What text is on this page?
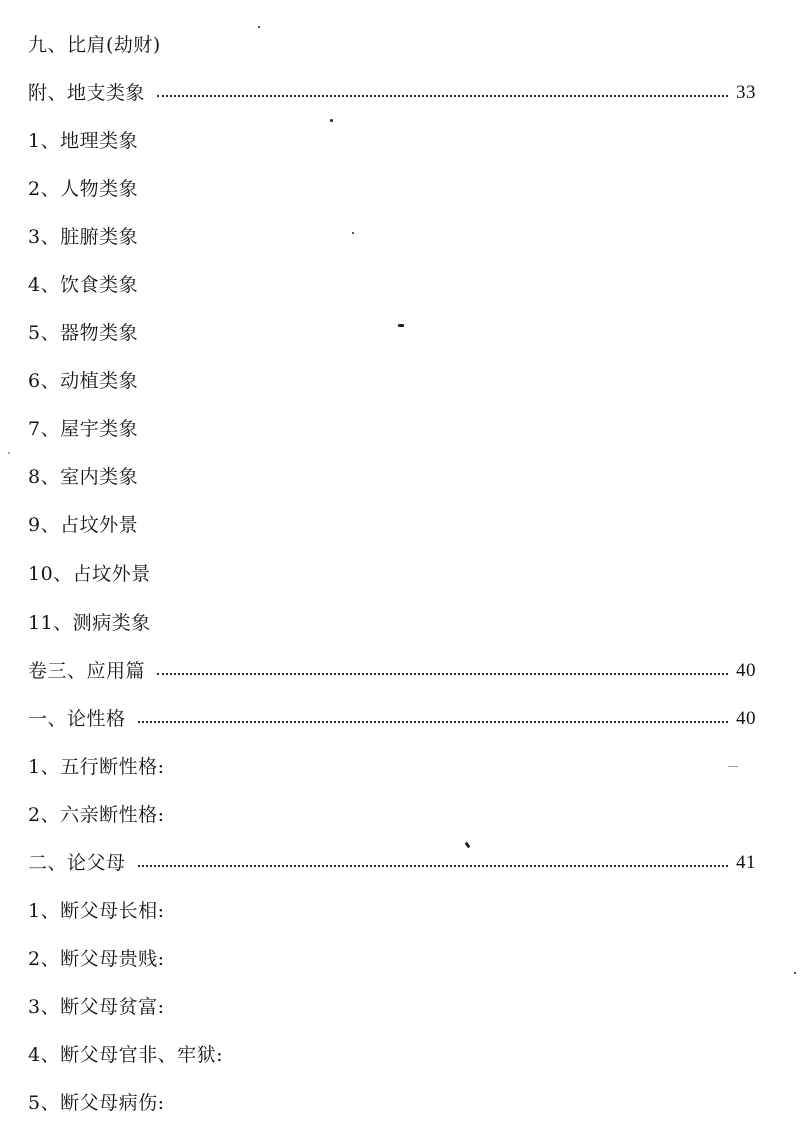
九、比肩(劫财)
附、地支类象	33
1、地理类象
2、人物类象
3、脏腑类象
4、饮食类象
5、器物类象
6、动植类象
7、屋宇类象
8、室内类象
9、占坟外景
10、占坟外景
11、测病类象
卷三、应用篇	40
一、论性格	40
1、五行断性格:
2、六亲断性格:
二、论父母	41
1、断父母长相:
2、断父母贵贱:
3、断父母贫富:
4、断父母官非、牢狱:
5、断父母病伤:
